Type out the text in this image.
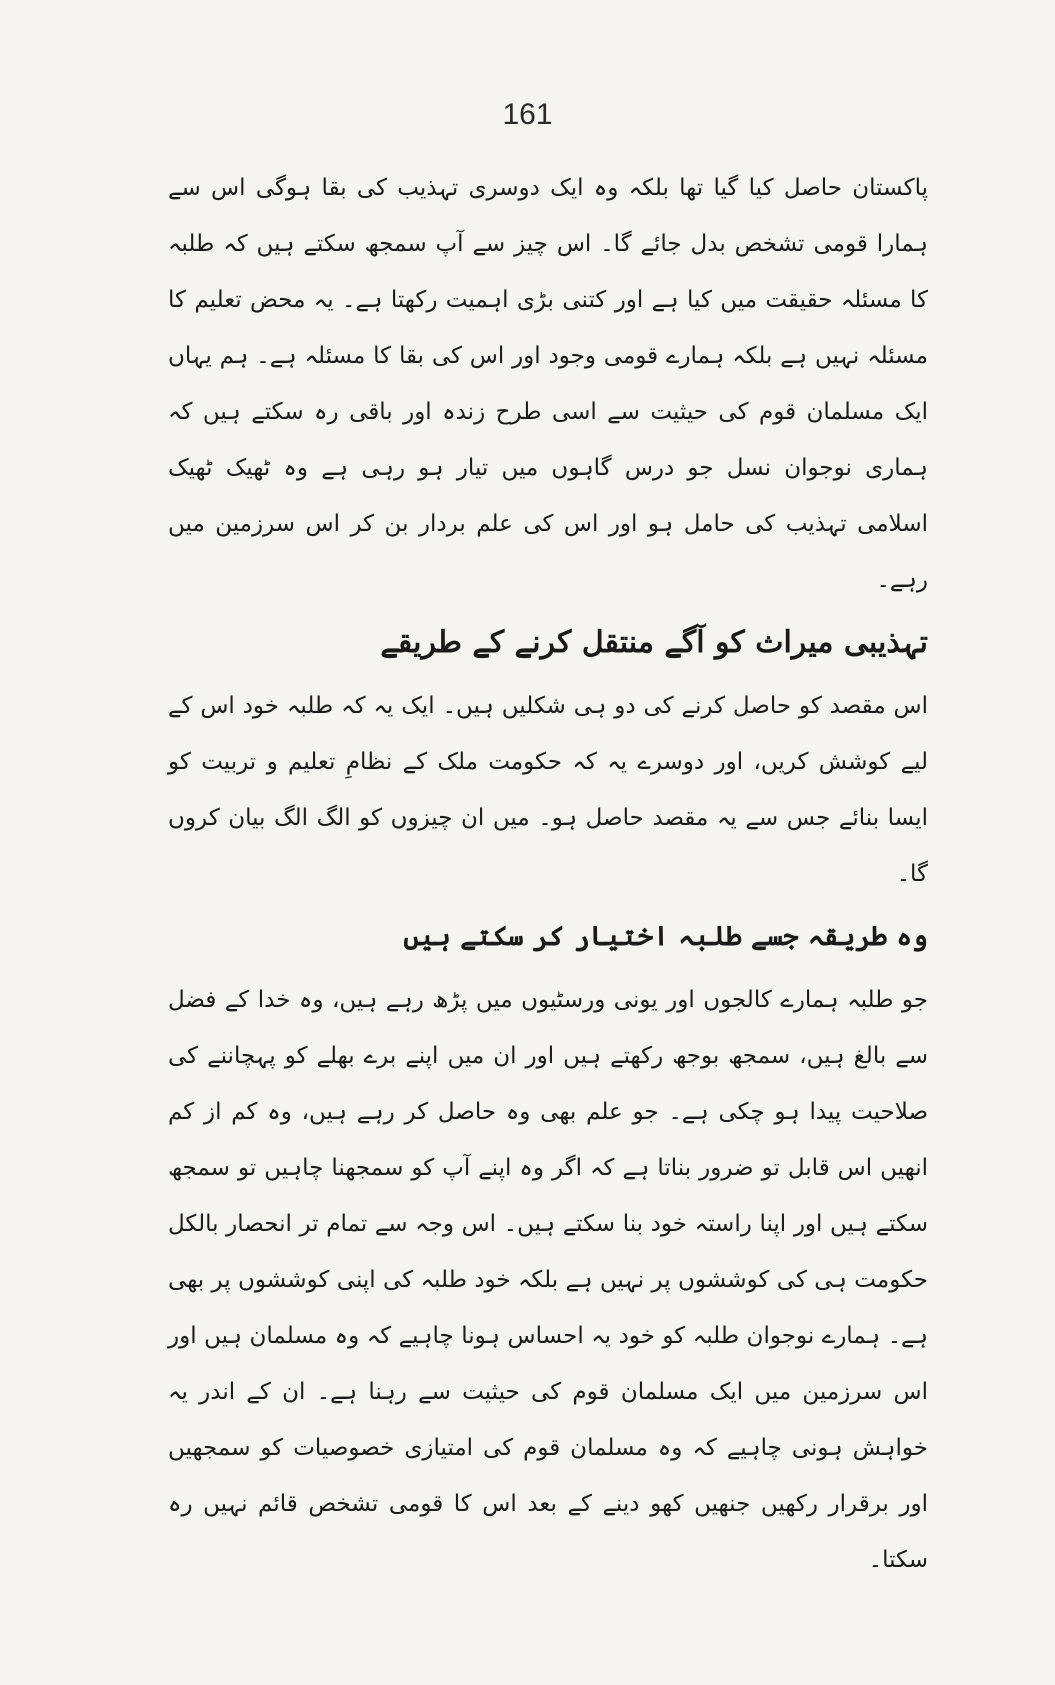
161

پاکستان حاصل کیا گیا تھا بلکہ وہ ایک دوسری تہذیب کی بقا ہوگی اس سے ہمارا قومی تشخص بدل جائے گا۔ اس چیز سے آپ سمجھ سکتے ہیں کہ طلبہ کا مسئلہ حقیقت میں کیا ہے اور کتنی بڑی اہمیت رکھتا ہے۔ یہ محض تعلیم کا مسئلہ نہیں ہے بلکہ ہمارے قومی وجود اور اس کی بقا کا مسئلہ ہے۔ ہم یہاں ایک مسلمان قوم کی حیثیت سے اسی طرح زندہ اور باقی رہ سکتے ہیں کہ ہماری نوجوان نسل جو درس گاہوں میں تیار ہو رہی ہے وہ ٹھیک ٹھیک اسلامی تہذیب کی حامل ہو اور اس کی علم بردار بن کر اس سرزمین میں رہے۔

تہذیبی میراث کو آگے منتقل کرنے کے طریقے

اس مقصد کو حاصل کرنے کی دو ہی شکلیں ہیں۔ ایک یہ کہ طلبہ خود اس کے لیے کوشش کریں، اور دوسرے یہ کہ حکومت ملک کے نظامِ تعلیم و تربیت کو ایسا بنائے جس سے یہ مقصد حاصل ہو۔ میں ان چیزوں کو الگ الگ بیان کروں گا۔

وہ طریقہ جسے طلبہ اختیار کر سکتے ہیں

جو طلبہ ہمارے کالجوں اور یونی ورسٹیوں میں پڑھ رہے ہیں، وہ خدا کے فضل سے بالغ ہیں، سمجھ بوجھ رکھتے ہیں اور ان میں اپنے برے بھلے کو پہچاننے کی صلاحیت پیدا ہو چکی ہے۔ جو علم بھی وہ حاصل کر رہے ہیں، وہ کم از کم انھیں اس قابل تو ضرور بناتا ہے کہ اگر وہ اپنے آپ کو سمجھنا چاہیں تو سمجھ سکتے ہیں اور اپنا راستہ خود بنا سکتے ہیں۔ اس وجہ سے تمام تر انحصار بالکل حکومت ہی کی کوششوں پر نہیں ہے بلکہ خود طلبہ کی اپنی کوششوں پر بھی ہے۔ ہمارے نوجوان طلبہ کو خود یہ احساس ہونا چاہیے کہ وہ مسلمان ہیں اور اس سرزمین میں ایک مسلمان قوم کی حیثیت سے رہنا ہے۔ ان کے اندر یہ خواہش ہونی چاہیے کہ وہ مسلمان قوم کی امتیازی خصوصیات کو سمجھیں اور برقرار رکھیں جنھیں کھو دینے کے بعد اس کا قومی تشخص قائم نہیں رہ سکتا۔
